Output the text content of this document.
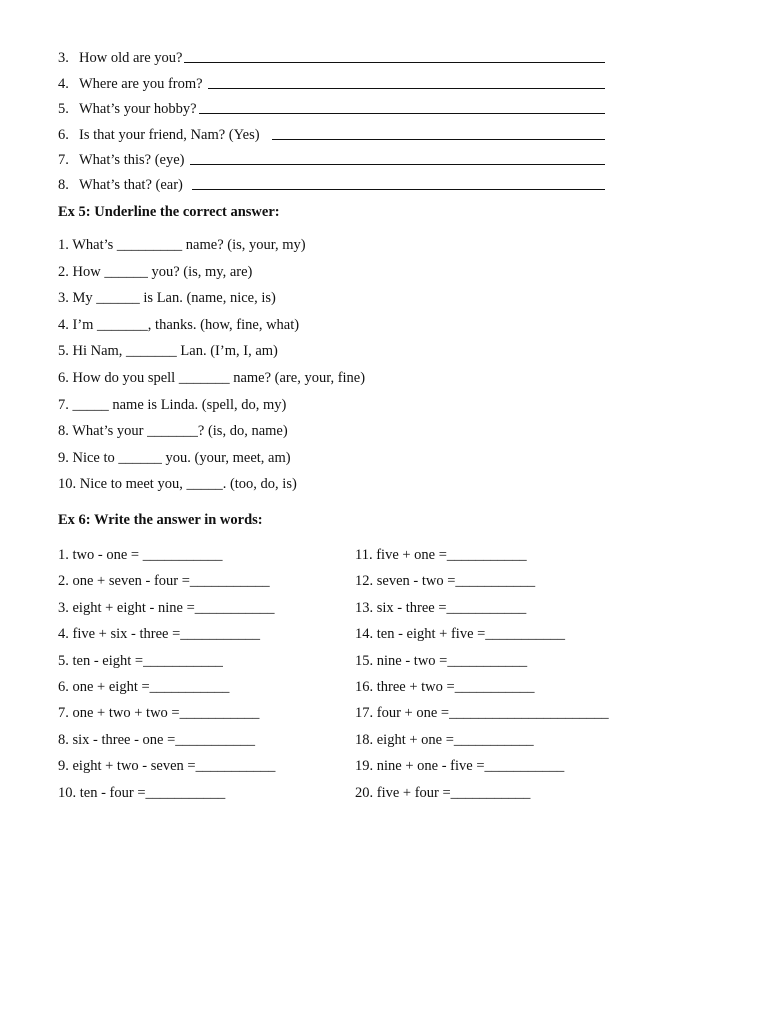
3. How old are you?
4. Where are you from?
5. What’s your hobby?
6. Is that your friend, Nam? (Yes)
7. What’s this? (eye)
8. What’s that? (ear)
Ex 5: Underline the correct answer:
1. What’s _________ name? (is, your, my)
2. How ______ you? (is, my, are)
3. My ______ is Lan. (name, nice, is)
4. I’m _______, thanks. (how, fine, what)
5. Hi Nam, _______ Lan. (I’m, I, am)
6. How do you spell _______ name? (are, your, fine)
7. _____ name is Linda. (spell, do, my)
8. What’s your _______? (is, do, name)
9. Nice to ______ you. (your, meet, am)
10. Nice to meet you, _____. (too, do, is)
Ex 6: Write the answer in words:
1. two - one = ___________
2. one + seven - four =___________
3. eight + eight - nine =___________
4. five + six - three =___________
5. ten - eight =___________
6. one + eight =___________
7. one + two + two =___________
8. six - three - one =___________
9. eight + two - seven =___________
10. ten - four =___________
11. five + one =___________
12. seven - two =___________
13. six - three =___________
14. ten - eight + five =___________
15. nine - two =___________
16. three + two =___________
17. four + one =______________________
18. eight + one =___________
19. nine + one - five =___________
20. five + four =___________
